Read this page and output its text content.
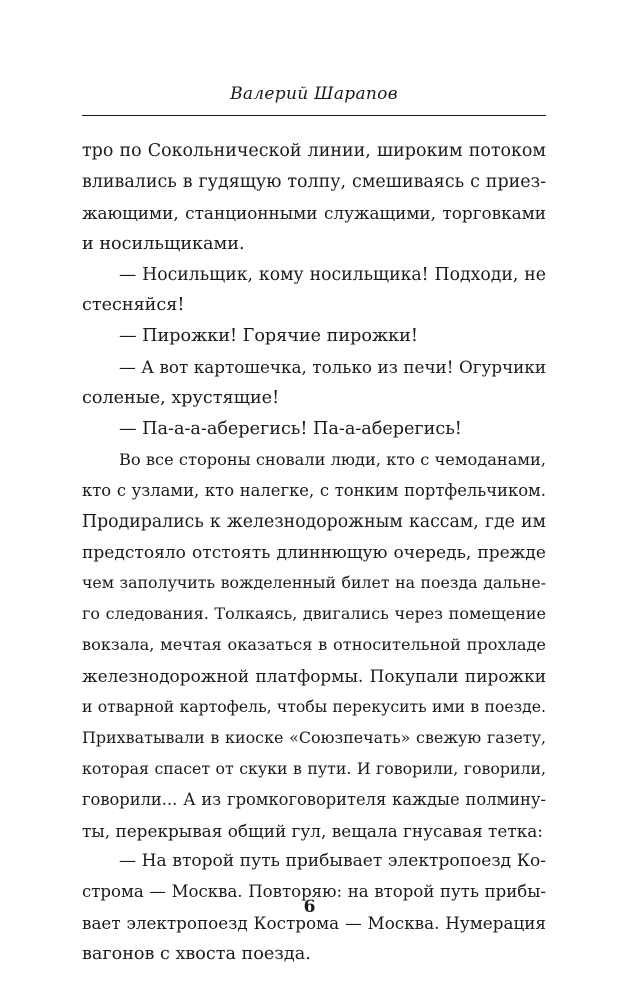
Валерий Шарапов
тро по Сокольнической линии, широким потоком
вливались в гудящую толпу, смешиваясь с приез-
жающими, станционными служащими, торговками
и носильщиками.
— Носильщик, кому носильщика! Подходи, не
стесняйся!
— Пирожки! Горячие пирожки!
— А вот картошечка, только из печи! Огурчики
соленые, хрустящие!
— Па-а-а-аберегись! Па-а-аберегись!
Во все стороны сновали люди, кто с чемоданами,
кто с узлами, кто налегке, с тонким портфельчиком.
Продирались к железнодорожным кассам, где им
предстояло отстоять длиннющую очередь, прежде
чем заполучить вожделенный билет на поезда дальне-
го следования. Толкаясь, двигались через помещение
вокзала, мечтая оказаться в относительной прохладе
железнодорожной платформы. Покупали пирожки
и отварной картофель, чтобы перекусить ими в поезде.
Прихватывали в киоске «Союзпечать» свежую газету,
которая спасет от скуки в пути. И говорили, говорили,
говорили... А из громкоговорителя каждые полмину-
ты, перекрывая общий гул, вещала гнусавая тетка:
— На второй путь прибывает электропоезд Ко-
строма — Москва. Повторяю: на второй путь прибы-
вает электропоезд Кострома — Москва. Нумерация
вагонов с хвоста поезда.
6
